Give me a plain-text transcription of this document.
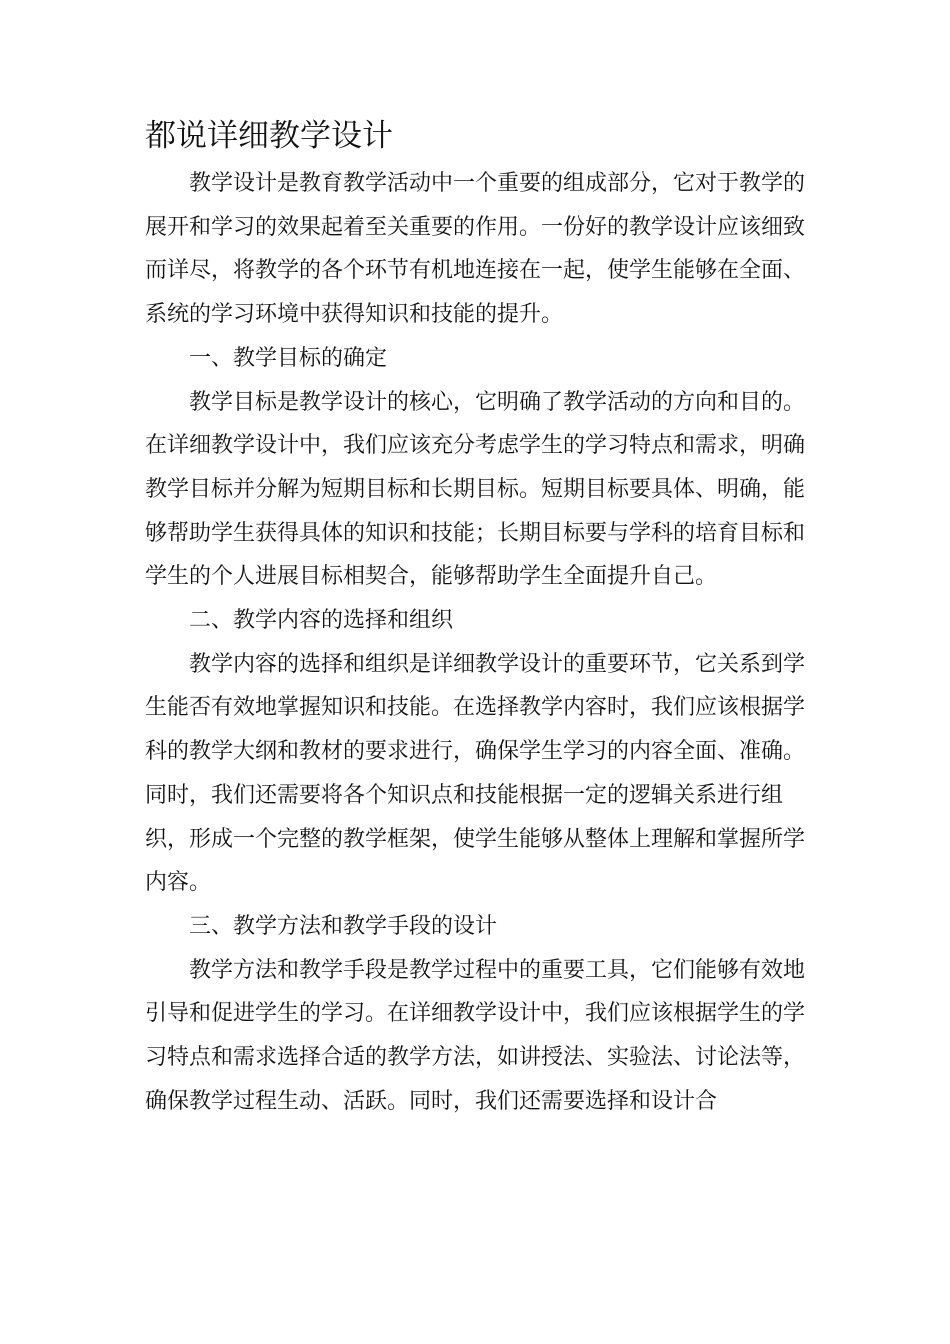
都说详细教学设计

教学设计是教育教学活动中一个重要的组成部分，它对于教学的展开和学习的效果起着至关重要的作用。一份好的教学设计应该细致而详尽，将教学的各个环节有机地连接在一起，使学生能够在全面、系统的学习环境中获得知识和技能的提升。

一、教学目标的确定

教学目标是教学设计的核心，它明确了教学活动的方向和目的。在详细教学设计中，我们应该充分考虑学生的学习特点和需求，明确教学目标并分解为短期目标和长期目标。短期目标要具体、明确，能够帮助学生获得具体的知识和技能；长期目标要与学科的培育目标和学生的个人进展目标相契合，能够帮助学生全面提升自己。

二、教学内容的选择和组织

教学内容的选择和组织是详细教学设计的重要环节，它关系到学生能否有效地掌握知识和技能。在选择教学内容时，我们应该根据学科的教学大纲和教材的要求进行，确保学生学习的内容全面、准确。同时，我们还需要将各个知识点和技能根据一定的逻辑关系进行组织，形成一个完整的教学框架，使学生能够从整体上理解和掌握所学内容。

三、教学方法和教学手段的设计

教学方法和教学手段是教学过程中的重要工具，它们能够有效地引导和促进学生的学习。在详细教学设计中，我们应该根据学生的学习特点和需求选择合适的教学方法，如讲授法、实验法、讨论法等，确保教学过程生动、活跃。同时，我们还需要选择和设计合
